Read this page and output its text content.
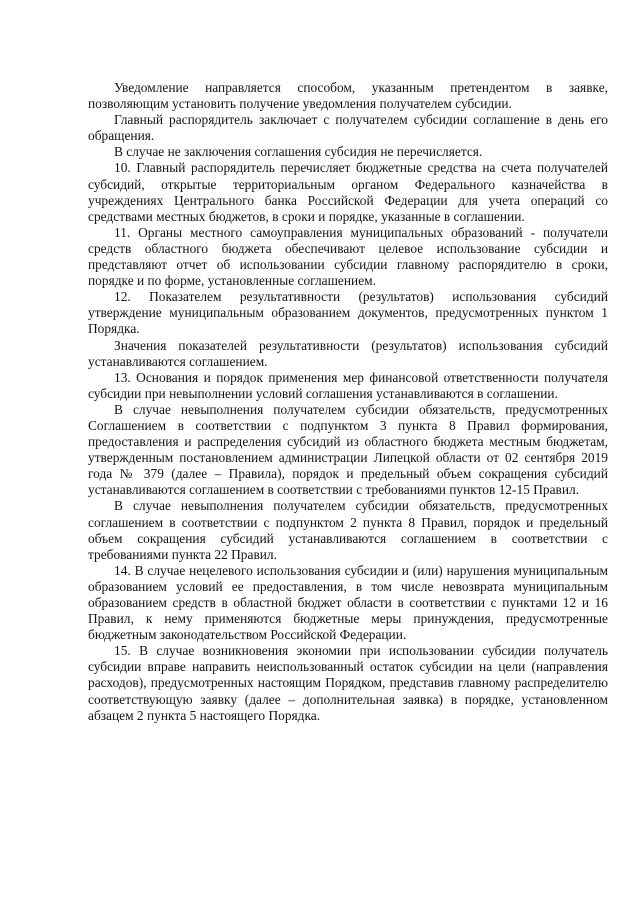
Уведомление направляется способом, указанным претендентом в заявке, позволяющим установить получение уведомления получателем субсидии.

Главный распорядитель заключает с получателем субсидии соглашение в день его обращения.

В случае не заключения соглашения субсидия не перечисляется.

10. Главный распорядитель перечисляет бюджетные средства на счета получателей субсидий, открытые территориальным органом Федерального казначейства в учреждениях Центрального банка Российской Федерации для учета операций со средствами местных бюджетов, в сроки и порядке, указанные в соглашении.

11. Органы местного самоуправления муниципальных образований - получатели средств областного бюджета обеспечивают целевое использование субсидии и представляют отчет об использовании субсидии главному распорядителю в сроки, порядке и по форме, установленные соглашением.

12. Показателем результативности (результатов) использования субсидий утверждение муниципальным образованием документов, предусмотренных пунктом 1 Порядка.

Значения показателей результативности (результатов) использования субсидий устанавливаются соглашением.

13. Основания и порядок применения мер финансовой ответственности получателя субсидии при невыполнении условий соглашения устанавливаются в соглашении.

В случае невыполнения получателем субсидии обязательств, предусмотренных Соглашением в соответствии с подпунктом 3 пункта 8 Правил формирования, предоставления и распределения субсидий из областного бюджета местным бюджетам, утвержденным постановлением администрации Липецкой области от 02 сентября 2019 года № 379 (далее – Правила), порядок и предельный объем сокращения субсидий устанавливаются соглашением в соответствии с требованиями пунктов 12-15 Правил.

В случае невыполнения получателем субсидии обязательств, предусмотренных соглашением в соответствии с подпунктом 2 пункта 8 Правил, порядок и предельный объем сокращения субсидий устанавливаются соглашением в соответствии с требованиями пункта 22 Правил.

14. В случае нецелевого использования субсидии и (или) нарушения муниципальным образованием условий ее предоставления, в том числе невозврата муниципальным образованием средств в областной бюджет области в соответствии с пунктами 12 и 16 Правил, к нему применяются бюджетные меры принуждения, предусмотренные бюджетным законодательством Российской Федерации.

15. В случае возникновения экономии при использовании субсидии получатель субсидии вправе направить неиспользованный остаток субсидии на цели (направления расходов), предусмотренных настоящим Порядком, представив главному распределителю соответствующую заявку (далее – дополнительная заявка) в порядке, установленном абзацем 2 пункта 5 настоящего Порядка.
